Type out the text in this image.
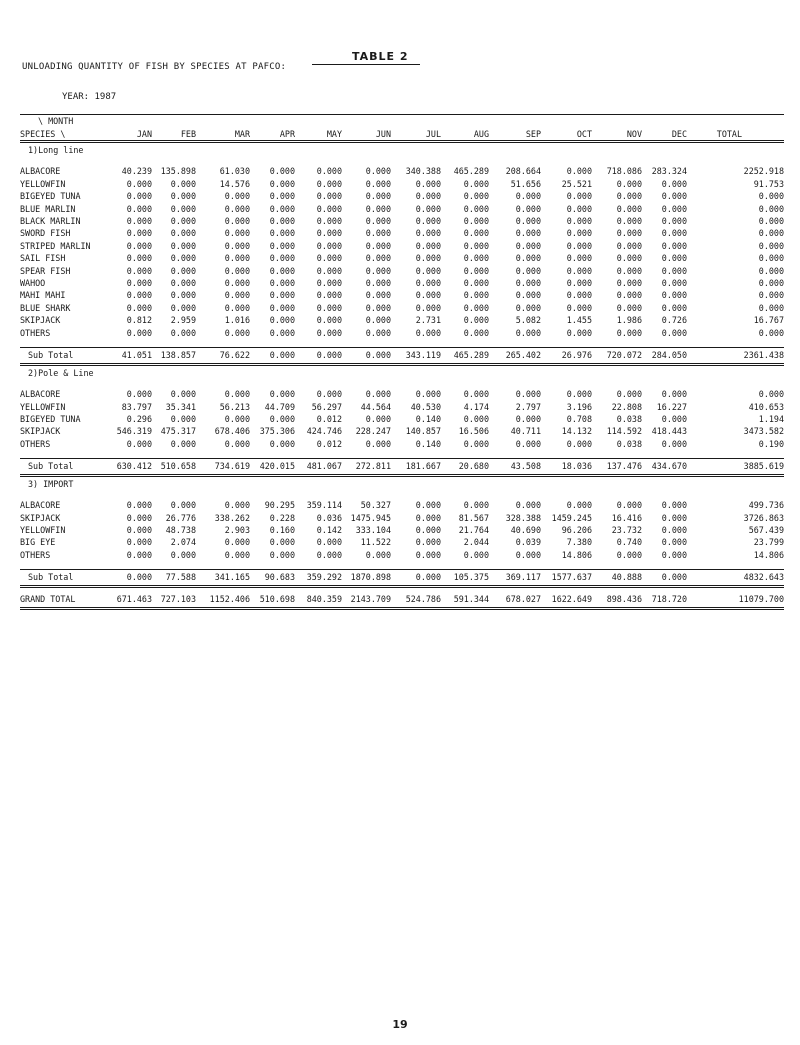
TABLE 2
UNLOADING QUANTITY OF FISH BY SPECIES AT PAFCO:
YEAR: 1987
\ MONTH													
SPECIES \	JAN	FEB	MAR	APR	MAY	JUN	JUL	AUG	SEP	OCT	NOV	DEC	TOTAL
1)Long line													

ALBACORE	40.239	135.898	61.030	0.000	0.000	0.000	340.388	465.289	208.664	0.000	718.086	283.324	2252.918
YELLOWFIN	0.000	0.000	14.576	0.000	0.000	0.000	0.000	0.000	51.656	25.521	0.000	0.000	91.753
BIGEYED TUNA	0.000	0.000	0.000	0.000	0.000	0.000	0.000	0.000	0.000	0.000	0.000	0.000	0.000
BLUE MARLIN	0.000	0.000	0.000	0.000	0.000	0.000	0.000	0.000	0.000	0.000	0.000	0.000	0.000
BLACK MARLIN	0.000	0.000	0.000	0.000	0.000	0.000	0.000	0.000	0.000	0.000	0.000	0.000	0.000
SWORD FISH	0.000	0.000	0.000	0.000	0.000	0.000	0.000	0.000	0.000	0.000	0.000	0.000	0.000
STRIPED MARLIN	0.000	0.000	0.000	0.000	0.000	0.000	0.000	0.000	0.000	0.000	0.000	0.000	0.000
SAIL FISH	0.000	0.000	0.000	0.000	0.000	0.000	0.000	0.000	0.000	0.000	0.000	0.000	0.000
SPEAR FISH	0.000	0.000	0.000	0.000	0.000	0.000	0.000	0.000	0.000	0.000	0.000	0.000	0.000
WAHOO	0.000	0.000	0.000	0.000	0.000	0.000	0.000	0.000	0.000	0.000	0.000	0.000	0.000
MAHI MAHI	0.000	0.000	0.000	0.000	0.000	0.000	0.000	0.000	0.000	0.000	0.000	0.000	0.000
BLUE SHARK	0.000	0.000	0.000	0.000	0.000	0.000	0.000	0.000	0.000	0.000	0.000	0.000	0.000
SKIPJACK	0.812	2.959	1.016	0.000	0.000	0.000	2.731	0.000	5.082	1.455	1.986	0.726	16.767
OTHERS	0.000	0.000	0.000	0.000	0.000	0.000	0.000	0.000	0.000	0.000	0.000	0.000	0.000

Sub Total	41.051	138.857	76.622	0.000	0.000	0.000	343.119	465.289	265.402	26.976	720.072	284.050	2361.438
2)Pole & Line													

ALBACORE	0.000	0.000	0.000	0.000	0.000	0.000	0.000	0.000	0.000	0.000	0.000	0.000	0.000
YELLOWFIN	83.797	35.341	56.213	44.709	56.297	44.564	40.530	4.174	2.797	3.196	22.808	16.227	410.653
BIGEYED TUNA	0.296	0.000	0.000	0.000	0.012	0.000	0.140	0.000	0.000	0.708	0.038	0.000	1.194
SKIPJACK	546.319	475.317	678.406	375.306	424.746	228.247	140.857	16.506	40.711	14.132	114.592	418.443	3473.582
OTHERS	0.000	0.000	0.000	0.000	0.012	0.000	0.140	0.000	0.000	0.000	0.038	0.000	0.190

Sub Total	630.412	510.658	734.619	420.015	481.067	272.811	181.667	20.680	43.508	18.036	137.476	434.670	3885.619
3) IMPORT													

ALBACORE	0.000	0.000	0.000	90.295	359.114	50.327	0.000	0.000	0.000	0.000	0.000	0.000	499.736
SKIPJACK	0.000	26.776	338.262	0.228	0.036	1475.945	0.000	81.567	328.388	1459.245	16.416	0.000	3726.863
YELLOWFIN	0.000	48.738	2.903	0.160	0.142	333.104	0.000	21.764	40.690	96.206	23.732	0.000	567.439
BIG EYE	0.000	2.074	0.000	0.000	0.000	11.522	0.000	2.044	0.039	7.380	0.740	0.000	23.799
OTHERS	0.000	0.000	0.000	0.000	0.000	0.000	0.000	0.000	0.000	14.806	0.000	0.000	14.806

Sub Total	0.000	77.588	341.165	90.683	359.292	1870.898	0.000	105.375	369.117	1577.637	40.888	0.000	4832.643

GRAND TOTAL	671.463	727.103	1152.406	510.698	840.359	2143.709	524.786	591.344	678.027	1622.649	898.436	718.720	11079.700
19
